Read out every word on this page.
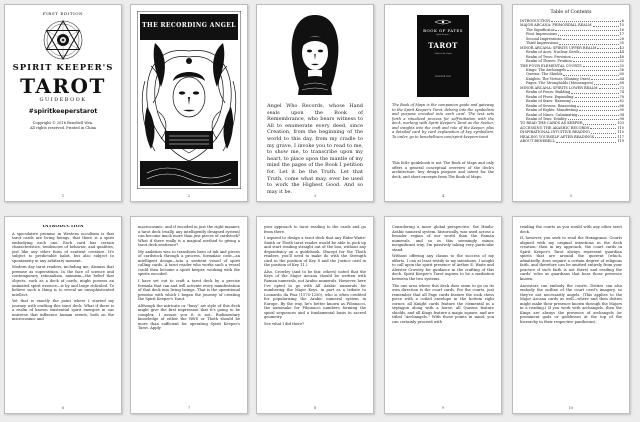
FIRST EDITION
SPIRIT KEEPER'S
TAROT
GUIDEBOOK
#spiritkeeperstarot
Copyright © 2016 Benebell Wen.
All rights reserved. Printed in China
1
THE RECORDING ANGEL
2
Angel Who Records, whose Hand seals upon the Book of Remembrance, who bears witness to All to enumerate every deed, since Creation, from the beginning of the world to this day, from my cradle to my grave, I invoke you to read to me, to show me, to transcribe upon my heart, to place upon the mantle of my mind the pages of the Book I petition for. Let it be the Truth. Let that Truth, come what may, ever be used to work the Highest Good. And so may it be.
3
BOOK OF FATES
Spirit Keeper's
TAROT
Guide to the Cards
benebell wen
The Book of Maps is the companion guide and gateway to the Spirit Keeper's Tarot, delving into the symbolism and purpose encoded into each card. The text sets forth a ritualized process for self-initiation with the deck, working with Spirit Keeper's Tarot as the Seeker, and insights into the craft and role of the Keeper, plus a detailed card by card explanation of key symbolism. To order, go to benebellwen.com/spirit-keepers-tarot
This little guidebook is not The Book of Maps and only offers a general conceptual overview of the deck's architecture, key design purpose and intent for the deck, and short excerpts from The Book of Maps.
4
Table of Contents
INTRODUCTION	6
MAJOR ARCANA: PRIMORDIAL REALM	15
The Significator	16
First Impressions	17
Second Impressions	28
Third Impressions	35
MINOR ARCANA: SPIRITS UPPER REALM	43
Realm of Aces: Nuclear Seeds	44
Realm of Twos: Provision	48
Realm of Threes: Fruition	52
THE FOUR ELEMENTAL COURTS	55
Kings: The Archangels	56
Queens: The Shields	60
Knights: The Virtues (Shining Ones)	64
Pages: The Strongholds (Messengers)	68
MINOR ARCANA: SPIRITS LOWER REALM	73
Realm of Fours: Building	74
Realm of Fives: Expanding	78
Realm of Sixes: Harmony	82
Realm of Sevens: Reasoning	86
Realm of Eights: Manifesting	90
Realm of Nines: Culminating	94
Realm of Tens: Totality	98
TO READ THE CARDS AS KEEPER	103
ACCESSING THE AKASHIC RECORDS	110
INSPIRATIONAL INTUITIVE READING	115
HEALING YOURSELF AFTER READINGS	117
ABOUT BENEBELL	119
5
INTRODUCTION

A speculative premise in Western occultism is that tarot cards are living beings, that there is a spirit embodying each one. Each card has certain characteristics, tendencies of behavior, and qualities, just like any other form of sentient creature. It's subject to predictable habit, but also subject to spontaneity in any arbitrary moment.

Modern day tarot readers, including me, dismiss that premise as superstition. In the face of science and contemporary rationalism, animism—the belief that objects, such as a deck of cards, might possess an animated spirit essence—is by and large ridiculed. To believe such a thing is to reveal an unsophisticated intellect.

Yet that is exactly the point where I started my journey with crafting this tarot deck. What if there is a realm of known existential spirit energies in our universe that influence human events, both on the microcosmic and

6

macrocosmic, and if encoded in just the right manner, a tarot deck (really, any intelligently designed system) can become much more than just pieces of cardstock? What if there really is a magical method to giving a tarot deck sentience?

My ambition was to transform lines of ink and pieces of cardstock through a process, formulaic code—an intelligent design—into a sentient vessel of spirit calling cards. A tarot reader who works such a vessel could then become a spirit keeper, working with the spirits encoded.

I have set out to craft a tarot deck by a precise formula that can and will activate every manifestation of that deck into living beings. That is the operational premise with which I began the journey of creating the Spirit Keeper's Tarot.

Although the intricate or "busy" art style of this deck might give the first impression that it's going to be complex, I assure you it is not. Rudimentary knowledge of either the RWS or Thoth should be more than sufficient for operating Spirit Keeper's Tarot. Apply

7

your approach to tarot reading to the cards and go from there.

I aspired to design a tarot deck that any Rider-Waite-Smith or Thoth tarot reader would be able to pick up and start reading straight out of the box, without any dependency on a guidebook. (Except for the Thoth readers, you'll need to make do with the Strength card in the position of Key 8 and the Justice card in the position of Key 11.)

Also, Crowley (and to be fair, others) noted that the Keys of the Major Arcana should be written with Roman numerals, not Arabic numerals. However, here I've opted to go with All Arabic numerals for numbering the Major Keys, in part as a tribute to Leonardo da Pisa (1170-1250), who is often credited for popularizing the Arabic numeral system in Europe. By the way, he's better known as Fibonacci, the namesake for Fibonacci numbers forming the spiral sequences and a fundamental basis in sacred geometry.

See what I did there?

8

Considering a more global perspective, the Hindu-Arabic numeral system, historically, was used across a broader region of our world than the Roman numerals, and so in this seemingly minor, insignificant way, I'm passively taking very particular stand.

Without offering any claims to the success of my efforts, I can at least testify to my intentions. I sought to call upon the spirit presence of Arthur E. Waite and Aleister Crowley for guidance in the crafting of this deck. Spirit Keeper's Tarot aspires to be a mediation between the two systems.

The one area where this deck does seem to go on its own direction is the court cards. For the courts, just remember that all Page cards feature the rook chess piece with a coiled envelope in the bottom right corner, all Knight cards feature the elemental in a septagon along with a horse, all Queens feature shields, and all Kings feature a magic square, and are titled "Archangels." With those points in mind, you can certainly proceed with

9

reading the courts as you would with any other tarot deck.

If, however, you seek to read the Hexagrams. Courts aligned with my original intentions in the deck creation, then in my approach, the court cards in Spirit Keeper's Tarot always represent guardian spirits that are around the querent (which, admittedly, does require a certain degree of religious faith, and therefore can be omitted entirely from your practice if such faith is not there) and reading the cards' roles as guardians that bear those presence known.

Ancestors can embody the courts. Deities can also embody the outline of the court card's imagery, so they're not necessarily angels. (This applies to the Major Arcana cards as well—where and then deities might make their presence known through the Majors in a reading.) If you work with archangels, then the Kings are always the presence of archangels (or prominent gods or goddesses at the top of the hierarchy in their respective pantheons).

10
